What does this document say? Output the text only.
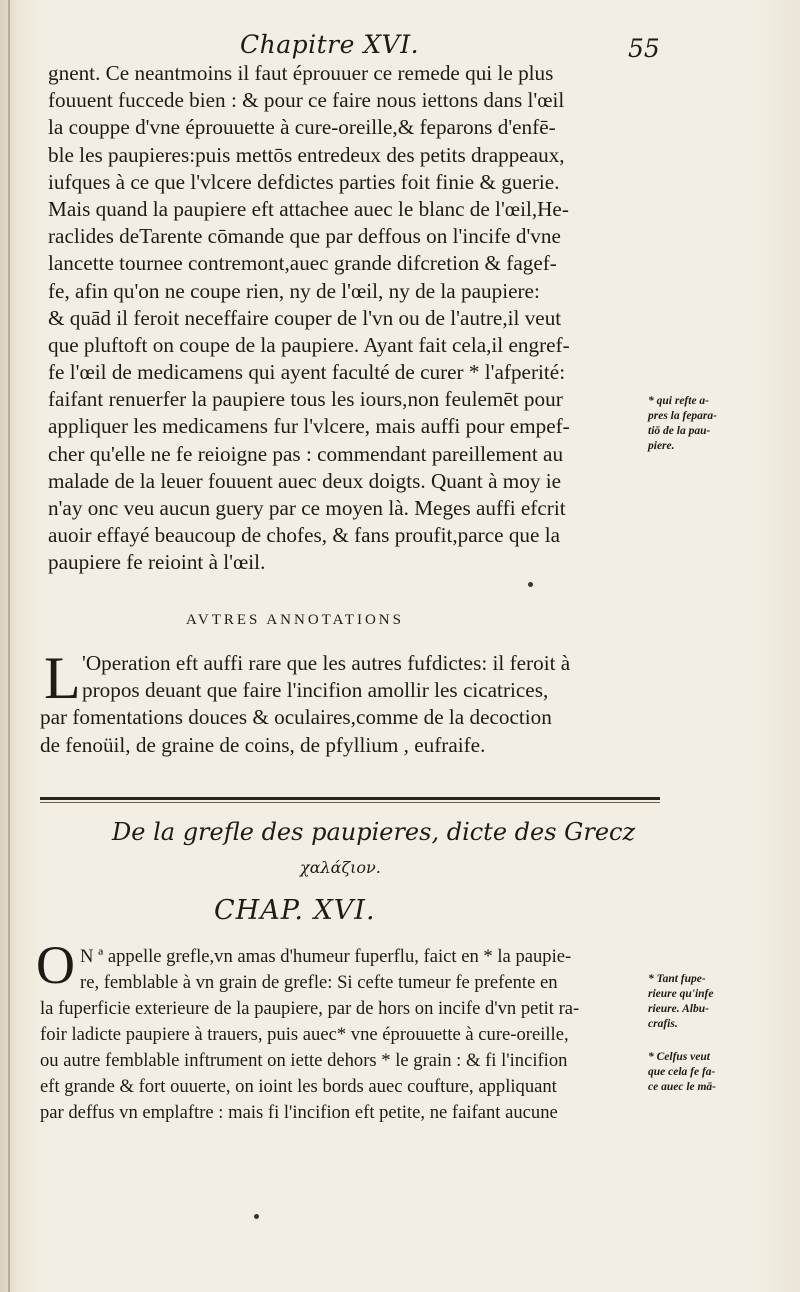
Chapitre XVI.	55
gnent. Ce neantmoins il faut éprouuer ce remede qui le plus
fouuent fuccede bien : & pour ce faire nous iettons dans l'œil
la couppe d'vne éprouuette à cure-oreille,& feparons d'enfē-
ble les paupieres:puis mettōs entredeux des petits drappeaux,
iufques à ce que l'vlcere defdictes parties foit finie & guerie.
Mais quand la paupiere eft attachee auec le blanc de l'œil,He-
raclides deTarente cōmande que par deffous on l'incife d'vne
lancette tournee contremont,auec grande difcretion & fagef-
fe, afin qu'on ne coupe rien, ny de l'œil, ny de la paupiere:
& quād il feroit neceffaire couper de l'vn ou de l'autre,il veut
que pluftoft on coupe de la paupiere. Ayant fait cela,il engref-
fe l'œil de medicamens qui ayent faculté de curer * l'afperité:
faifant renuerfer la paupiere tous les iours,non feulemēt pour
appliquer les medicamens fur l'vlcere, mais auffi pour empef-
cher qu'elle ne fe reioigne pas : commendant pareillement au
malade de la leuer fouuent auec deux doigts. Quant à moy ie
n'ay onc veu aucun guery par ce moyen là. Meges auffi efcrit
auoir effayé beaucoup de chofes, & fans proufit,parce que la
paupiere fe reioint à l'œil.
* qui refte a-
pres la fepara-
tiō de la pau-
piere.
AVTRES ANNOTATIONS
L 'Operation eft auffi rare que les autres fufdictes: il feroit à
propos deuant que faire l'incifion amollir les cicatrices,
par fomentations douces & oculaires,comme de la decoction
de fenoüil, de graine de coins, de pfyllium , eufraife.
De la grefle des paupieres, dicte des Grecz
χαλάζιον.
CHAP. XVI.
O N ª appelle grefle,vn amas d'humeur fuperflu, faict en * la paupie-
re, femblable à vn grain de grefle: Si cefte tumeur fe prefente en
la fuperficie exterieure de la paupiere, par de hors on incife d'vn petit ra-
foir ladicte paupiere à trauers, puis auec* vne éprouuette à cure-oreille,
ou autre femblable inftrument on iette dehors * le grain : & fi l'incifion
eft grande & fort ouuerte, on ioint les bords auec coufture, appliquant
par deffus vn emplaftre : mais fi l'incifion eft petite, ne faifant aucune
* Tant fupe-
rieure qu'infe
rieure. Albu-
crafis.
* Celfus veut
que cela fe fa-
ce auec le mā-
